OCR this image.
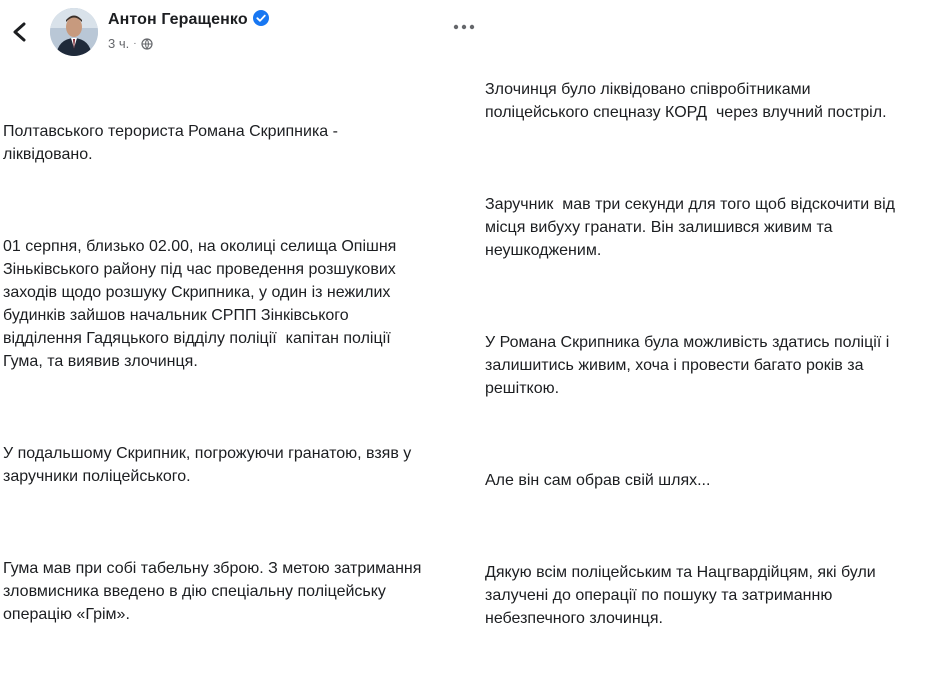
Антон Геращенко
3 ч. ·

Полтавського терориста Романа Скрипника -
ліквідовано.

01 серпня, близько 02.00, на околиці селища Опішня
Зіньківського району під час проведення розшукових
заходів щодо розшуку Скрипника, у один із нежилих
будинків зайшов начальник СРПП Зінківського
відділення Гадяцького відділу поліції  капітан поліції
Гума, та виявив злочинця.

У подальшому Скрипник, погрожуючи гранатою, взяв у
заручники поліцейського.

Гума мав при собі табельну зброю. З метою затримання
зловмисника введено в дію спеціальну поліцейську
операцію «Грім».

Злочинця було ліквідовано співробітниками
поліцейського спецназу КОРД  через влучний постріл.

Заручник  мав три секунди для того щоб відскочити від
місця вибуху гранати. Він залишився живим та
неушкодженим.

У Романа Скрипника була можливість здатись поліції і
залишитись живим, хоча і провести багато років за
решіткою.

Але він сам обрав свій шлях...

Дякую всім поліцейським та Нацгвардійцям, які були
залучені до операції по пошуку та затриманню
небезпечного злочинця.
